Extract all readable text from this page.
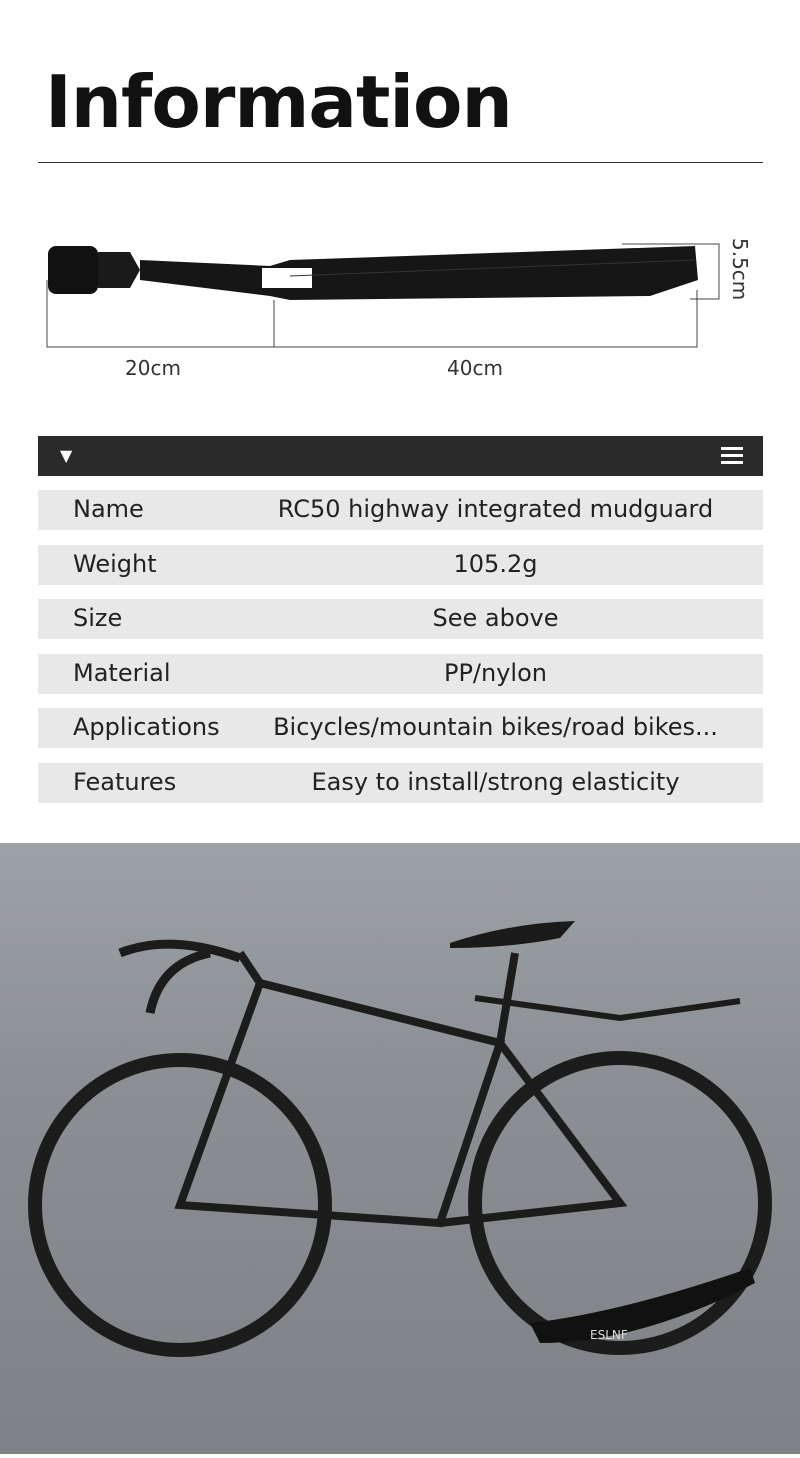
Information
20cm	40cm
5.5cm
▼
Name	RC50 highway integrated mudguard
Weight	105.2g
Size	See above
Material	PP/nylon
Applications	Bicycles/mountain bikes/road bikes...
Features	Easy to install/strong elasticity
ESLNF
